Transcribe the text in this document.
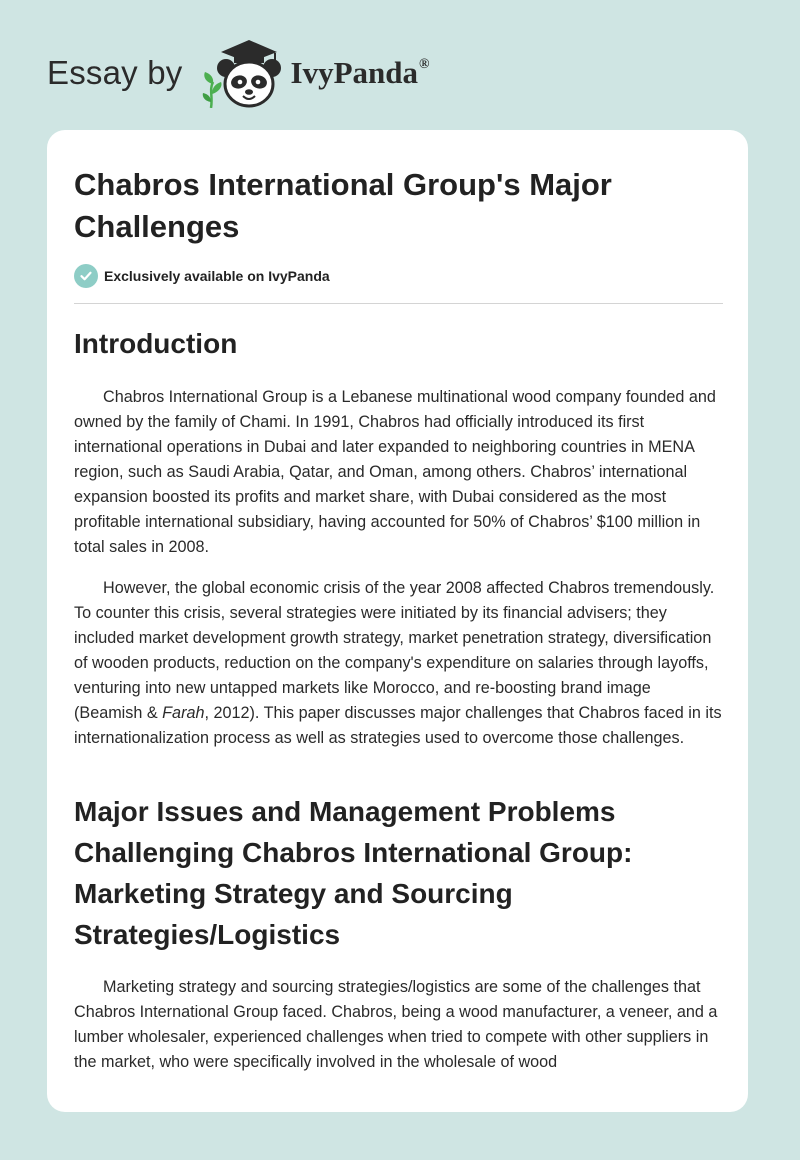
Essay by	IvyPanda®
Chabros International Group's Major Challenges
Exclusively available on IvyPanda
Introduction

Chabros International Group is a Lebanese multinational wood company founded and owned by the family of Chami. In 1991, Chabros had officially introduced its first international operations in Dubai and later expanded to neighboring countries in MENA region, such as Saudi Arabia, Qatar, and Oman, among others. Chabros’ international expansion boosted its profits and market share, with Dubai considered as the most profitable international subsidiary, having accounted for 50% of Chabros’ $100 million in total sales in 2008.

However, the global economic crisis of the year 2008 affected Chabros tremendously. To counter this crisis, several strategies were initiated by its financial advisers; they included market development growth strategy, market penetration strategy, diversification of wooden products, reduction on the company's expenditure on salaries through layoffs, venturing into new untapped markets like Morocco, and re-boosting brand image (Beamish & Farah, 2012). This paper discusses major challenges that Chabros faced in its internationalization process as well as strategies used to overcome those challenges.

Major Issues and Management Problems Challenging Chabros International Group: Marketing Strategy and Sourcing Strategies/Logistics

Marketing strategy and sourcing strategies/logistics are some of the challenges that Chabros International Group faced. Chabros, being a wood manufacturer, a veneer, and a lumber wholesaler, experienced challenges when tried to compete with other suppliers in the market, who were specifically involved in the wholesale of wood
